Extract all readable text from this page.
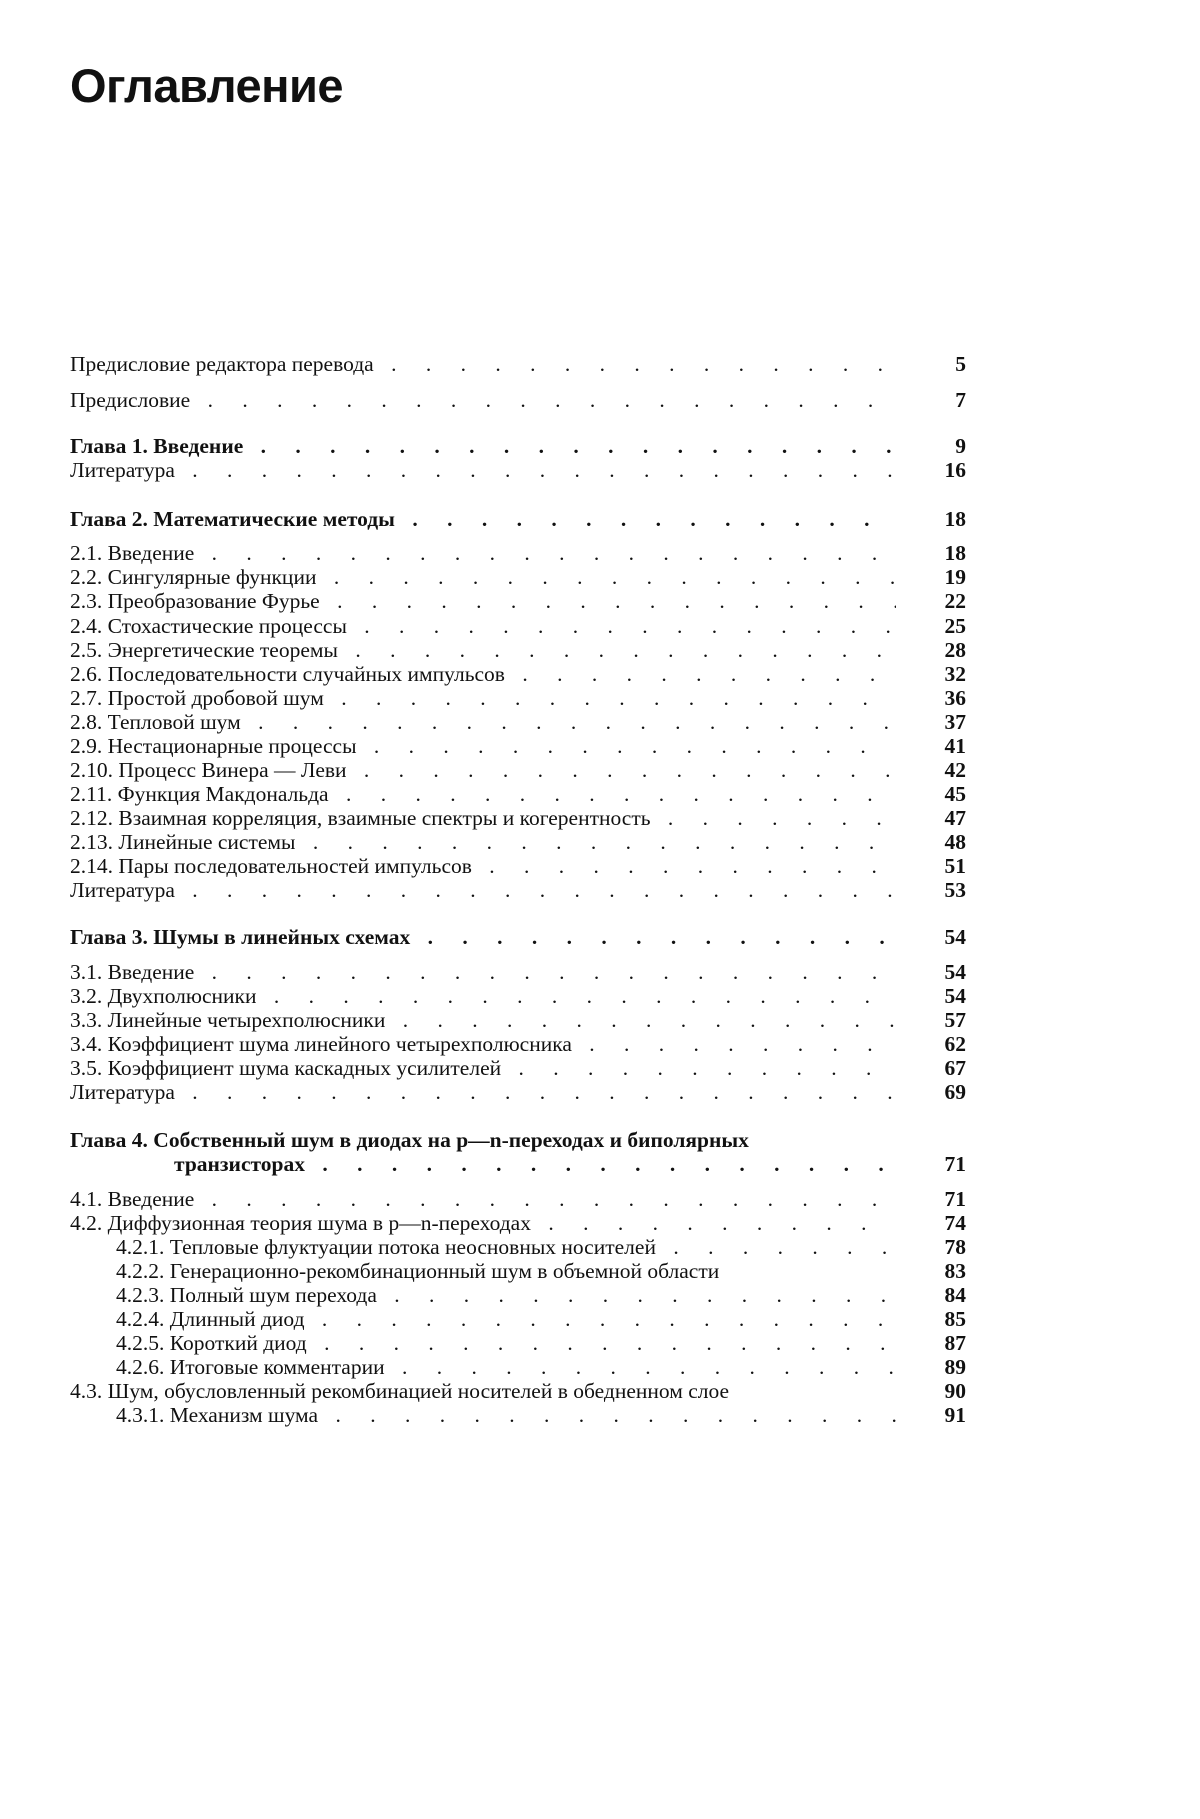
Оглавление
Предисловие редактора перевода . . .	5
Предисловие . . .	7
Глава 1. Введение . . .	9
Литература . . .	16
Глава 2. Математические методы . . .	18
2.1. Введение . . .	18
2.2. Сингулярные функции . . .	19
2.3. Преобразование Фурье . . .	22
2.4. Стохастические процессы . . .	25
2.5. Энергетические теоремы . . .	28
2.6. Последовательности случайных импульсов . . .	32
2.7. Простой дробовой шум . . .	36
2.8. Тепловой шум . . .	37
2.9. Нестационарные процессы . . .	41
2.10. Процесс Винера — Леви . . .	42
2.11. Функция Макдональда . . .	45
2.12. Взаимная корреляция, взаимные спектры и когерентность . . .	47
2.13. Линейные системы . . .	48
2.14. Пары последовательностей импульсов . . .	51
Литература . . .	53
Глава 3. Шумы в линейных схемах . . .	54
3.1. Введение . . .	54
3.2. Двухполюсники . . .	54
3.3. Линейные четырехполюсники . . .	57
3.4. Коэффициент шума линейного четырехполюсника . . .	62
3.5. Коэффициент шума каскадных усилителей . . .	67
Литература . . .	69
Глава 4. Собственный шум в диодах на p—n-переходах и биполярных
транзисторах . . .	71
4.1. Введение . . .	71
4.2. Диффузионная теория шума в p—n-переходах . . .	74
4.2.1. Тепловые флуктуации потока неосновных носителей . . .	78
4.2.2. Генерационно-рекомбинационный шум в объемной области	83
4.2.3. Полный шум перехода . . .	84
4.2.4. Длинный диод . . .	85
4.2.5. Короткий диод . . .	87
4.2.6. Итоговые комментарии . . .	89
4.3. Шум, обусловленный рекомбинацией носителей в обедненном слое	90
4.3.1. Механизм шума . . .	91
